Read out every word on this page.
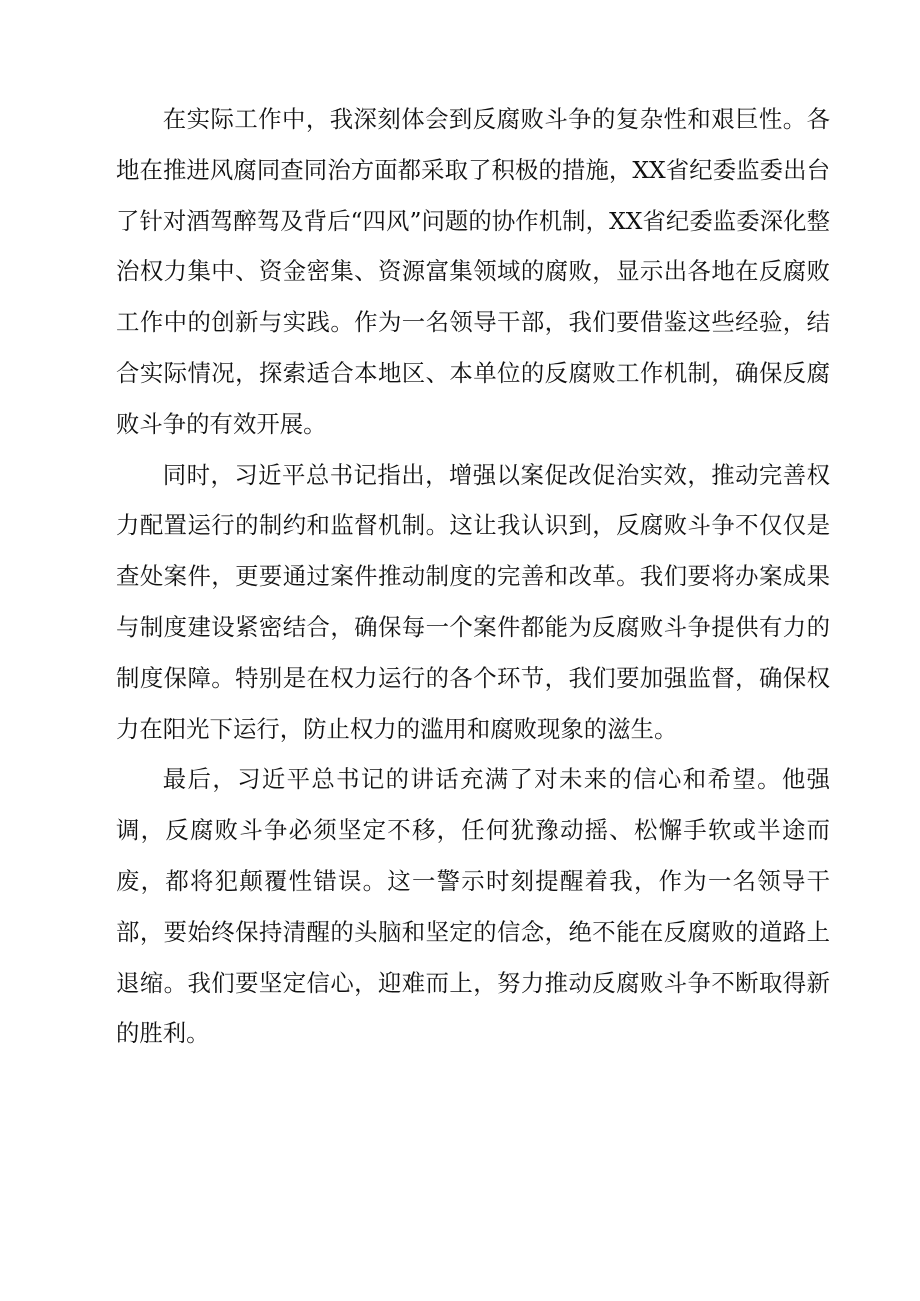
在实际工作中，我深刻体会到反腐败斗争的复杂性和艰巨性。各地在推进风腐同查同治方面都采取了积极的措施，XX省纪委监委出台了针对酒驾醉驾及背后“四风”问题的协作机制，XX省纪委监委深化整治权力集中、资金密集、资源富集领域的腐败，显示出各地在反腐败工作中的创新与实践。作为一名领导干部，我们要借鉴这些经验，结合实际情况，探索适合本地区、本单位的反腐败工作机制，确保反腐败斗争的有效开展。

同时，习近平总书记指出，增强以案促改促治实效，推动完善权力配置运行的制约和监督机制。这让我认识到，反腐败斗争不仅仅是查处案件，更要通过案件推动制度的完善和改革。我们要将办案成果与制度建设紧密结合，确保每一个案件都能为反腐败斗争提供有力的制度保障。特别是在权力运行的各个环节，我们要加强监督，确保权力在阳光下运行，防止权力的滥用和腐败现象的滋生。

最后，习近平总书记的讲话充满了对未来的信心和希望。他强调，反腐败斗争必须坚定不移，任何犹豫动摇、松懈手软或半途而废，都将犯颠覆性错误。这一警示时刻提醒着我，作为一名领导干部，要始终保持清醒的头脑和坚定的信念，绝不能在反腐败的道路上退缩。我们要坚定信心，迎难而上，努力推动反腐败斗争不断取得新的胜利。
